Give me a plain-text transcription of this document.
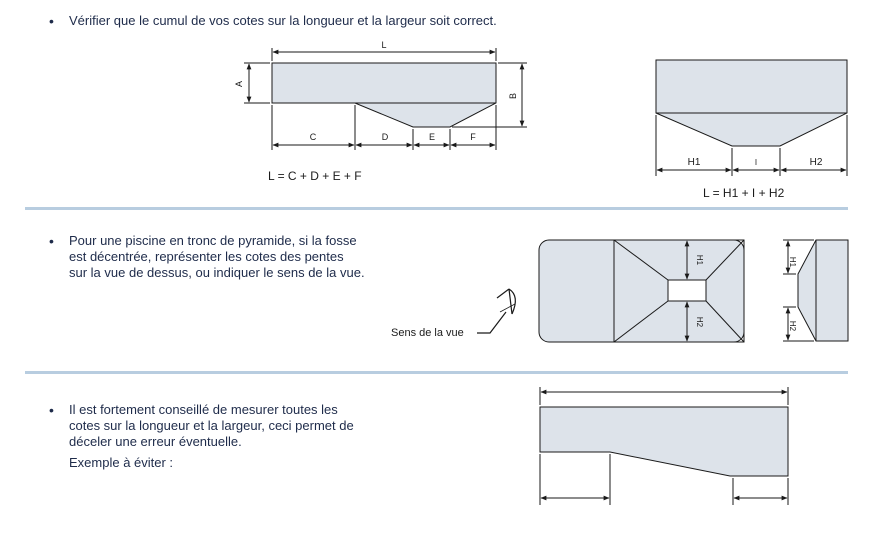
• Vérifier que le cumul de vos cotes sur la longueur et la largeur soit correct.

• Pour une piscine en tronc de pyramide, si la fosse

est décentrée, représenter les cotes des pentes

sur la vue de dessus, ou indiquer le sens de la vue.

• Il est fortement conseillé de mesurer toutes les

cotes sur la longueur et la largeur, ceci permet de

déceler une erreur éventuelle.

Exemple à éviter :

L
A
B
C	D	E	F
L = C + D + E + F
H1	I	H2
L = H1 + I + H2
H1
H2
Sens de la vue
H1
H2
